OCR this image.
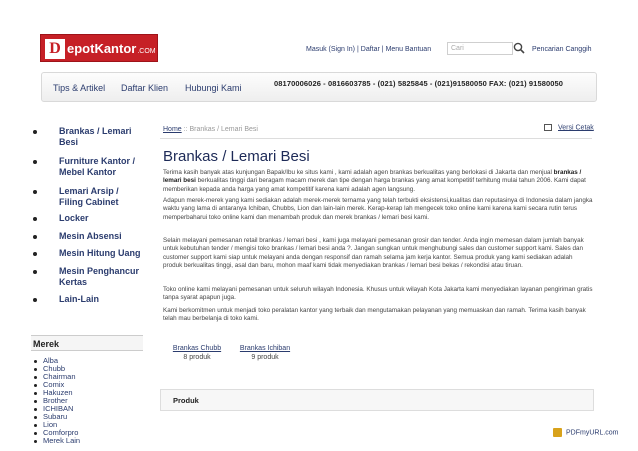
D epotKantor.COM	Masuk (Sign In) | Daftar | Menu Bantuan	Cari	Pencarian Canggih
Tips & Artikel Daftar Klien Hubungi Kami	08170006026 - 0816603785 - (021) 5825845 - (021)91580050 FAX: (021) 91580050
Brankas / Lemari Besi
Furniture Kantor / Mebel Kantor
Lemari Arsip / Filing Cabinet
Locker
Mesin Absensi
Mesin Hitung Uang
Mesin Penghancur Kertas
Lain-Lain
Merek
Alba
Chubb
Chairman
Comix
Hakuzen
Brother
ICHIBAN
Subaru
Lion
Comforpro
Merek Lain
Home :: Brankas / Lemari Besi	Versi Cetak
Brankas / Lemari Besi
Terima kasih banyak atas kunjungan Bapak/Ibu ke situs kami , kami adalah agen brankas berkualitas yang berlokasi di Jakarta dan menjual brankas / lemari besi berkualitas tinggi dari beragam macam merek dan tipe dengan harga brankas yang amat kompetitif terhitung mulai tahun 2006. Kami dapat memberikan kepada anda harga yang amat kompetitif karena kami adalah agen langsung.
Adapun merek-merek yang kami sediakan adalah merek-merek ternama yang telah terbukti eksistensi,kualitas dan reputasinya di Indonesia dalam jangka waktu yang lama di antaranya Ichiban, Chubbs, Lion dan lain-lain merek. Kerap-kerap lah mengecek toko online kami karena kami secara rutin terus memperbaharui toko online kami dan menambah produk dan merek brankas / lemari besi kami.
Selain melayani pemesanan retail brankas / lemari besi , kami juga melayani pemesanan grosir dan tender. Anda ingin memesan dalam jumlah banyak untuk kebutuhan tender / mengisi toko brankas / lemari besi anda ?. Jangan sungkan untuk menghubungi sales dan customer support kami. Sales dan customer support kami siap untuk melayani anda dengan responsif dan ramah selama jam kerja kantor. Semua produk yang kami sediakan adalah produk berkualitas tinggi, asal dan baru, mohon maaf kami tidak menyediakan brankas / lemari besi bekas / rekondisi atau tiruan.
Toko online kami melayani pemesanan untuk seluruh wilayah Indonesia. Khusus untuk wilayah Kota Jakarta kami menyediakan layanan pengiriman gratis tanpa syarat apapun juga.
Kami berkomitmen untuk menjadi toko peralatan kantor yang terbaik dan mengutamakan pelayanan yang memuaskan dan ramah. Terima kasih banyak telah mau berbelanja di toko kami.
Brankas Chubb
8 produk
Brankas Ichiban
9 produk
Produk
PDFmyURL.com
